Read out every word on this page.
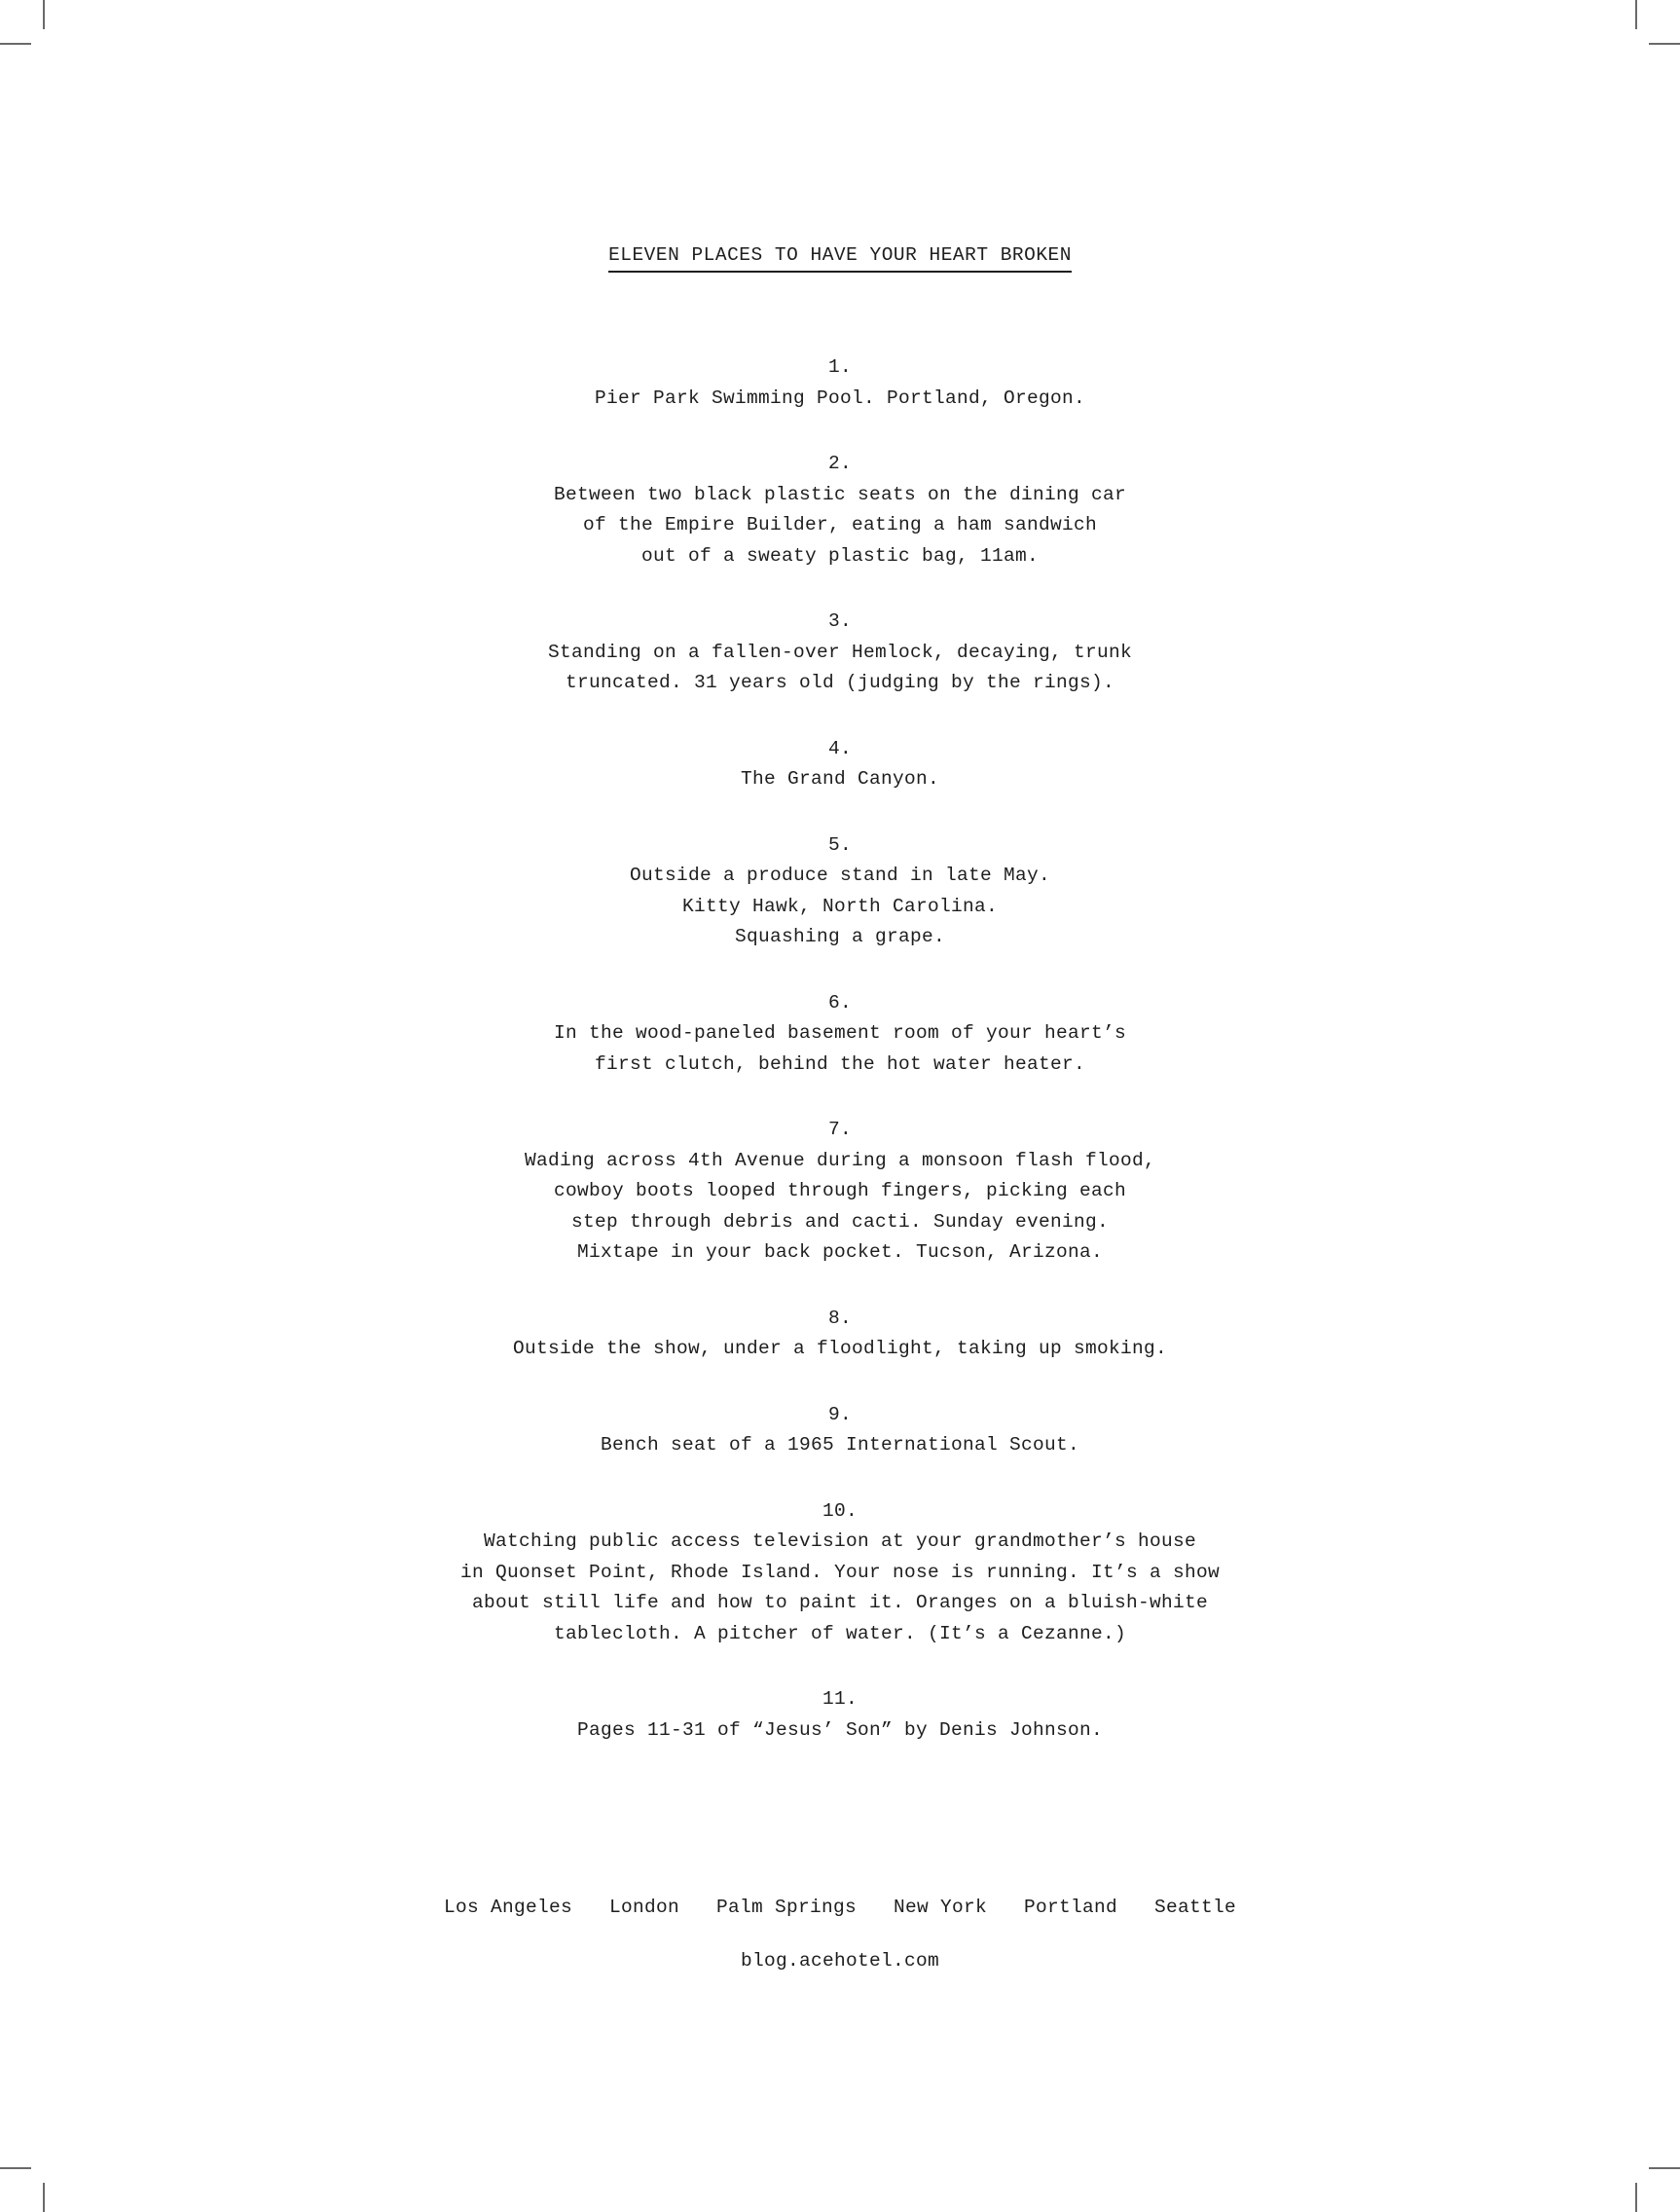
ELEVEN PLACES TO HAVE YOUR HEART BROKEN
1.
Pier Park Swimming Pool. Portland, Oregon.
2.
Between two black plastic seats on the dining car
of the Empire Builder, eating a ham sandwich
out of a sweaty plastic bag, 11am.
3.
Standing on a fallen-over Hemlock, decaying, trunk
truncated. 31 years old (judging by the rings).
4.
The Grand Canyon.
5.
Outside a produce stand in late May.
Kitty Hawk, North Carolina.
Squashing a grape.
6.
In the wood-paneled basement room of your heart’s
first clutch, behind the hot water heater.
7.
Wading across 4th Avenue during a monsoon flash flood,
cowboy boots looped through fingers, picking each
step through debris and cacti. Sunday evening.
Mixtape in your back pocket. Tucson, Arizona.
8.
Outside the show, under a floodlight, taking up smoking.
9.
Bench seat of a 1965 International Scout.
10.
Watching public access television at your grandmother’s house
in Quonset Point, Rhode Island. Your nose is running. It’s a show
about still life and how to paint it. Oranges on a bluish-white
tablecloth. A pitcher of water. (It’s a Cezanne.)
11.
Pages 11-31 of “Jesus’ Son” by Denis Johnson.
Los Angeles London Palm Springs New York Portland Seattle
blog.acehotel.com
